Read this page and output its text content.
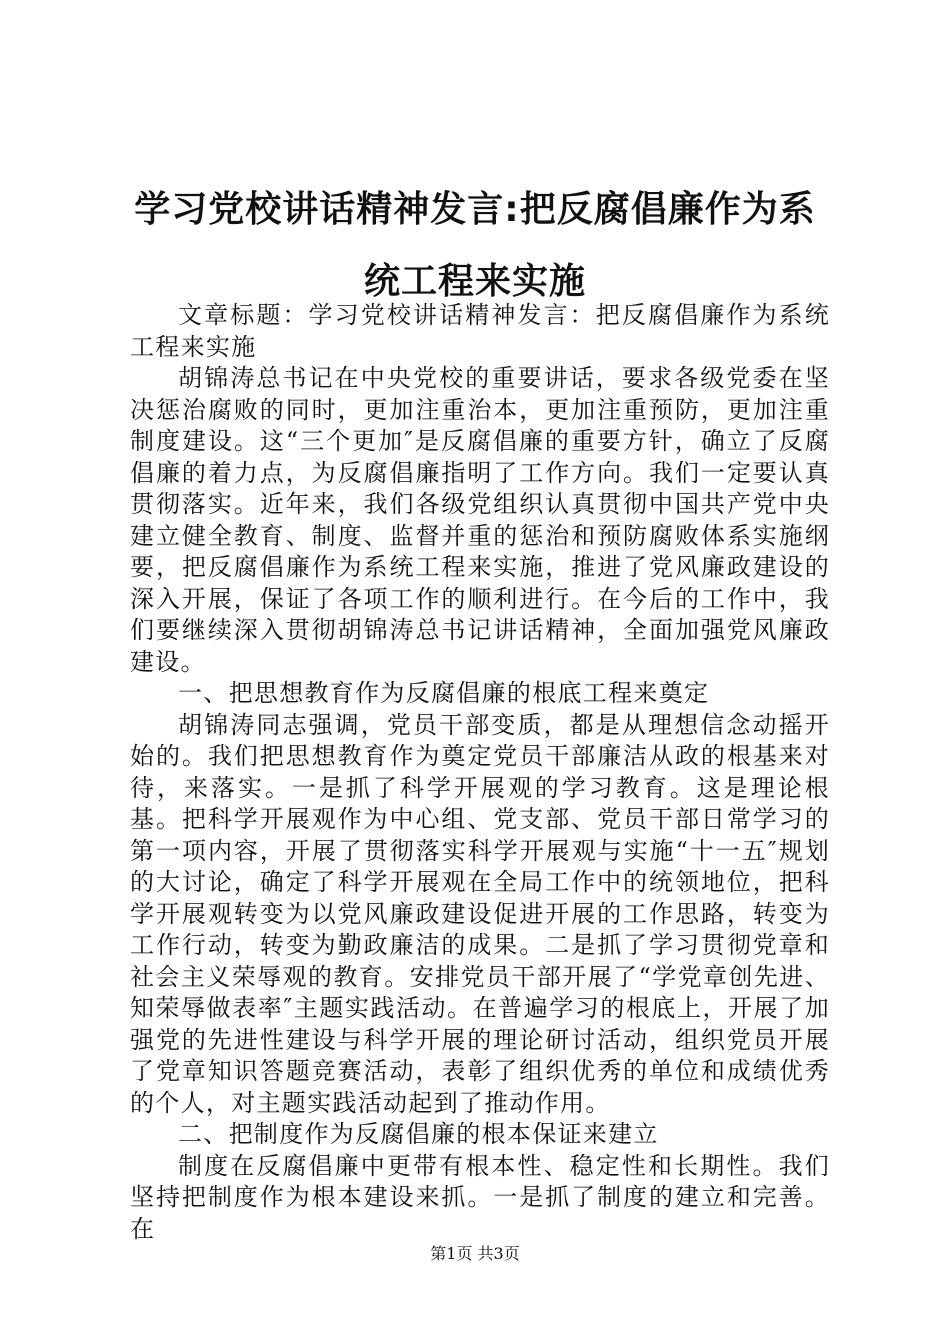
学习党校讲话精神发言:把反腐倡廉作为系统工程来实施

文章标题：学习党校讲话精神发言：把反腐倡廉作为系统工程来实施

胡锦涛总书记在中央党校的重要讲话，要求各级党委在坚决惩治腐败的同时，更加注重治本，更加注重预防，更加注重制度建设。这“三个更加″是反腐倡廉的重要方针，确立了反腐倡廉的着力点，为反腐倡廉指明了工作方向。我们一定要认真贯彻落实。近年来，我们各级党组织认真贯彻中国共产党中央建立健全教育、制度、监督并重的惩治和预防腐败体系实施纲要，把反腐倡廉作为系统工程来实施，推进了党风廉政建设的深入开展，保证了各项工作的顺利进行。在今后的工作中，我们要继续深入贯彻胡锦涛总书记讲话精神，全面加强党风廉政建设。

一、把思想教育作为反腐倡廉的根底工程来奠定

胡锦涛同志强调，党员干部变质，都是从理想信念动摇开始的。我们把思想教育作为奠定党员干部廉洁从政的根基来对待，来落实。一是抓了科学开展观的学习教育。这是理论根基。把科学开展观作为中心组、党支部、党员干部日常学习的第一项内容，开展了贯彻落实科学开展观与实施“十一五″规划的大讨论，确定了科学开展观在全局工作中的统领地位，把科学开展观转变为以党风廉政建设促进开展的工作思路，转变为工作行动，转变为勤政廉洁的成果。二是抓了学习贯彻党章和社会主义荣辱观的教育。安排党员干部开展了“学党章创先进、知荣辱做表率″主题实践活动。在普遍学习的根底上，开展了加强党的先进性建设与科学开展的理论研讨活动，组织党员开展了党章知识答题竞赛活动，表彰了组织优秀的单位和成绩优秀的个人，对主题实践活动起到了推动作用。

二、把制度作为反腐倡廉的根本保证来建立

制度在反腐倡廉中更带有根本性、稳定性和长期性。我们坚持把制度作为根本建设来抓。一是抓了制度的建立和完善。在

第1页 共3页
